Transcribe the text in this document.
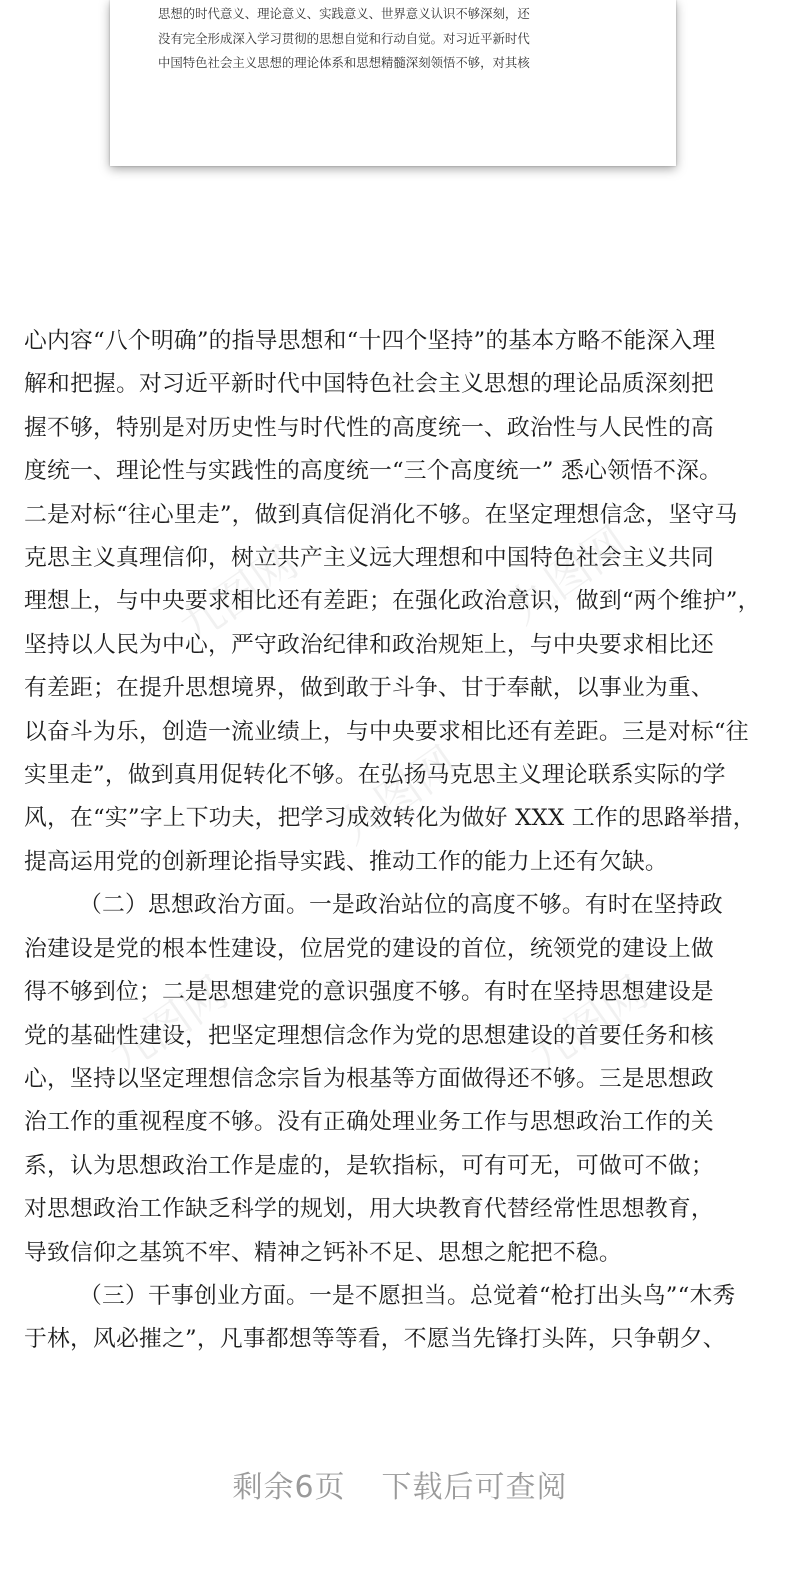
思想的时代意义、理论意义、实践意义、世界意义认识不够深刻，还

没有完全形成深入学习贯彻的思想自觉和行动自觉。对习近平新时代

中国特色社会主义思想的理论体系和思想精髓深刻领悟不够，对其核

九图网	九图网
九图网
九图网	九图网

心内容“八个明确”的指导思想和“十四个坚持”的基本方略不能深入理

解和把握。对习近平新时代中国特色社会主义思想的理论品质深刻把

握不够，特别是对历史性与时代性的高度统一、政治性与人民性的高

度统一、理论性与实践性的高度统一“三个高度统一” 悉心领悟不深。

二是对标“往心里走”，做到真信促消化不够。在坚定理想信念，坚守马

克思主义真理信仰，树立共产主义远大理想和中国特色社会主义共同

理想上，与中央要求相比还有差距；在强化政治意识，做到“两个维护”，

坚持以人民为中心，严守政治纪律和政治规矩上，与中央要求相比还

有差距；在提升思想境界，做到敢于斗争、甘于奉献，以事业为重、

以奋斗为乐，创造一流业绩上，与中央要求相比还有差距。三是对标“往

实里走”，做到真用促转化不够。在弘扬马克思主义理论联系实际的学

风，在“实”字上下功夫，把学习成效转化为做好 XXX 工作的思路举措，

提高运用党的创新理论指导实践、推动工作的能力上还有欠缺。

（二）思想政治方面。一是政治站位的高度不够。有时在坚持政

治建设是党的根本性建设，位居党的建设的首位，统领党的建设上做

得不够到位；二是思想建党的意识强度不够。有时在坚持思想建设是

党的基础性建设，把坚定理想信念作为党的思想建设的首要任务和核

心，坚持以坚定理想信念宗旨为根基等方面做得还不够。三是思想政

治工作的重视程度不够。没有正确处理业务工作与思想政治工作的关

系，认为思想政治工作是虚的，是软指标，可有可无，可做可不做；

对思想政治工作缺乏科学的规划，用大块教育代替经常性思想教育，

导致信仰之基筑不牢、精神之钙补不足、思想之舵把不稳。

（三）干事创业方面。一是不愿担当。总觉着“枪打出头鸟”“木秀

于林，风必摧之”，凡事都想等等看，不愿当先锋打头阵，只争朝夕、

剩余6页 下载后可查阅
